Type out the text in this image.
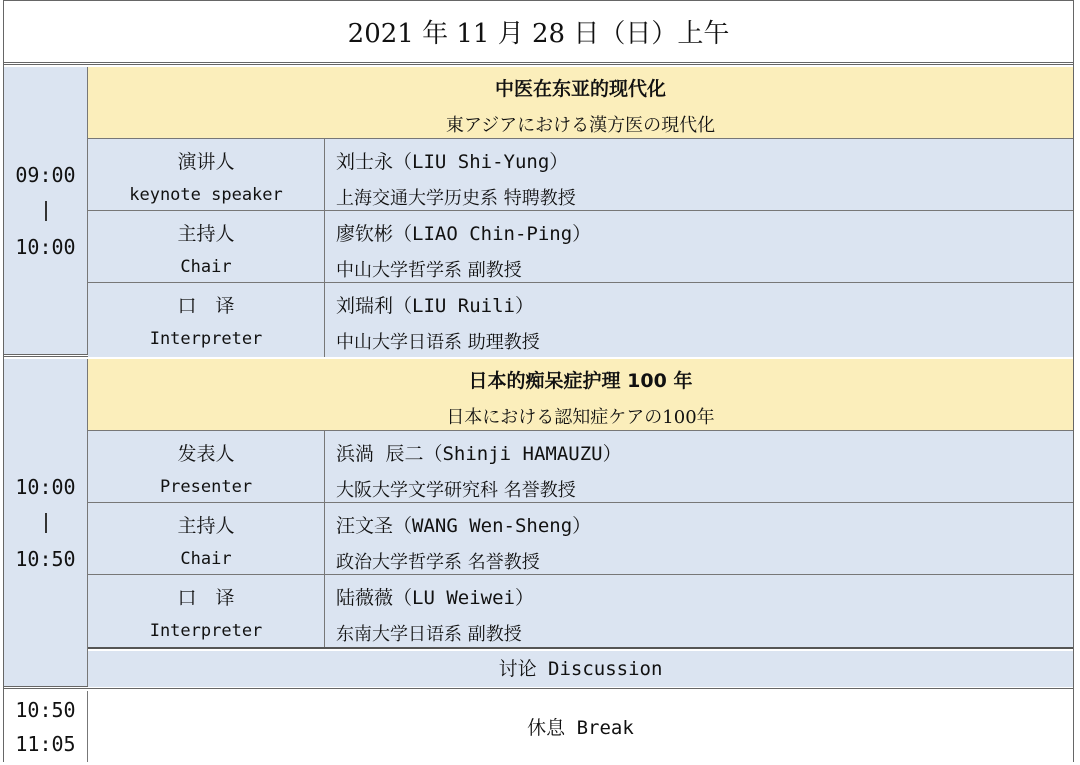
2021 年 11 月 28 日（日）上午
09:00
10:00
中医在东亚的现代化
東アジアにおける漢方医の現代化
演讲人
keynote speaker
刘士永（LIU Shi-Yung）
上海交通大学历史系 特聘教授
主持人
Chair
廖钦彬（LIAO Chin-Ping）
中山大学哲学系 副教授
口　译
Interpreter
刘瑞利（LIU Ruili）
中山大学日语系 助理教授
10:00
10:50
日本的痴呆症护理 100 年
日本における認知症ケアの100年
发表人
Presenter
浜渦 辰二（Shinji HAMAUZU）
大阪大学文学研究科 名誉教授
主持人
Chair
汪文圣（WANG Wen-Sheng）
政治大学哲学系 名誉教授
口　译
Interpreter
陆薇薇（LU Weiwei）
东南大学日语系 副教授
讨论 Discussion
10:50
11:05
休息 Break
